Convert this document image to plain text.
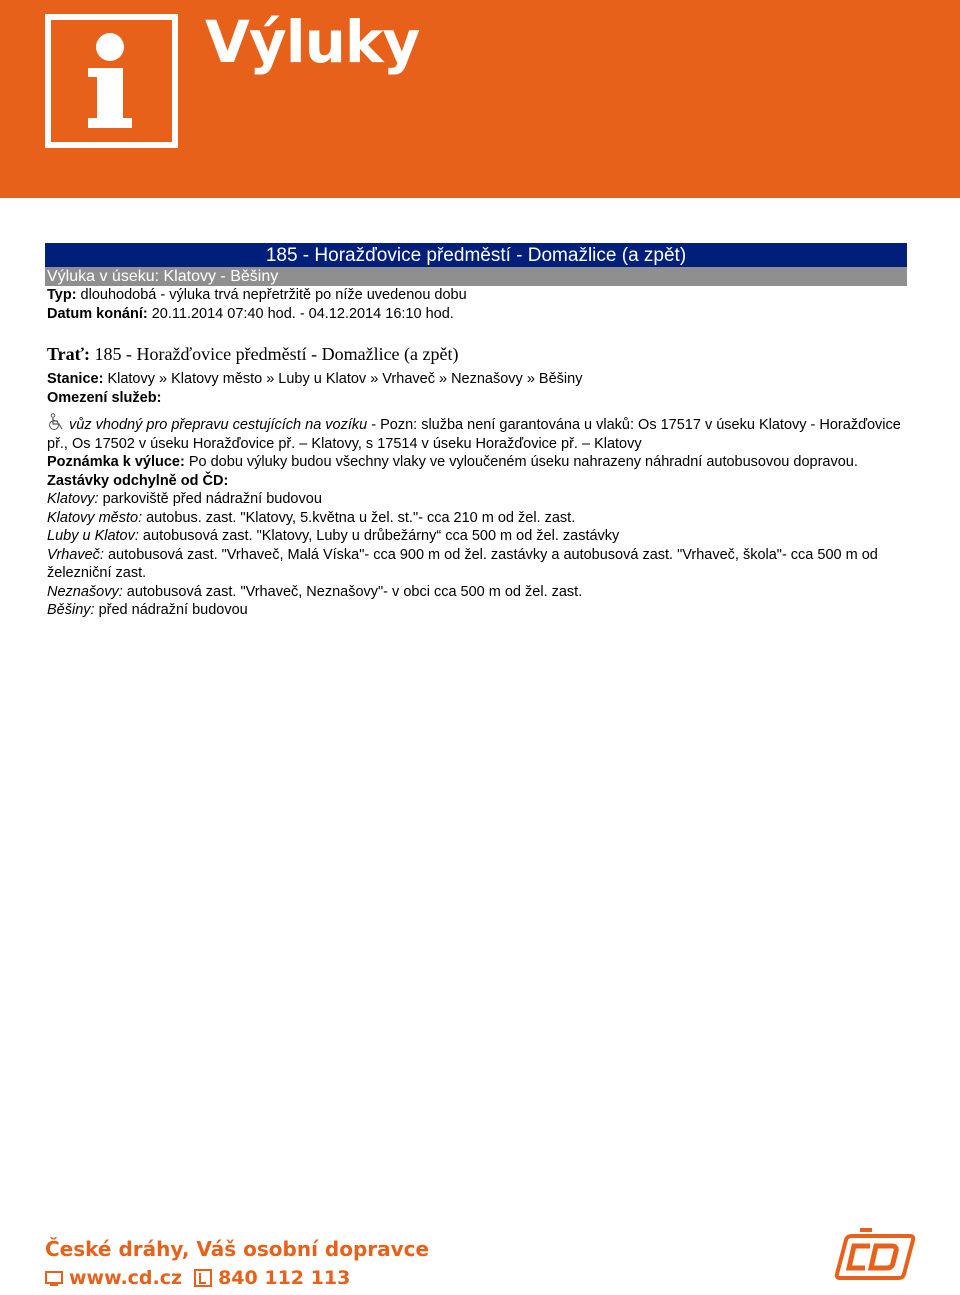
Výluky
185 - Horažďovice předměstí - Domažlice (a zpět)
Výluka v úseku: Klatovy - Běšiny
Typ: dlouhodobá - výluka trvá nepřetržitě po níže uvedenou dobu
Datum konání: 20.11.2014 07:40 hod. - 04.12.2014 16:10 hod.
Trať: 185 - Horažďovice předměstí - Domažlice (a zpět)
Stanice: Klatovy » Klatovy město » Luby u Klatov » Vrhaveč » Neznašovy » Běšiny
Omezení služeb:
vůz vhodný pro přepravu cestujících na vozíku - Pozn: služba není garantována u vlaků: Os 17517 v úseku Klatovy - Horažďovice př., Os 17502 v úseku Horažďovice př. – Klatovy, s 17514 v úseku Horažďovice př. – Klatovy
Poznámka k výluce: Po dobu výluky budou všechny vlaky ve vyloučeném úseku nahrazeny náhradní autobusovou dopravou.
Zastávky odchylně od ČD:
Klatovy: parkoviště před nádražní budovou
Klatovy město: autobus. zast. "Klatovy, 5.května u žel. st."- cca 210 m od žel. zast.
Luby u Klatov: autobusová zast. "Klatovy, Luby u drůbežárny“ cca 500 m od žel. zastávky
Vrhaveč: autobusová zast. "Vrhaveč, Malá Víska"- cca 900 m od žel. zastávky a autobusová zast. "Vrhaveč, škola"- cca 500 m od železniční zast.
Neznašovy: autobusová zast. "Vrhaveč, Neznašovy"- v obci cca 500 m od žel. zast.
Běšiny: před nádražní budovou
České dráhy, Váš osobní dopravce
www.cd.cz 840 112 113
